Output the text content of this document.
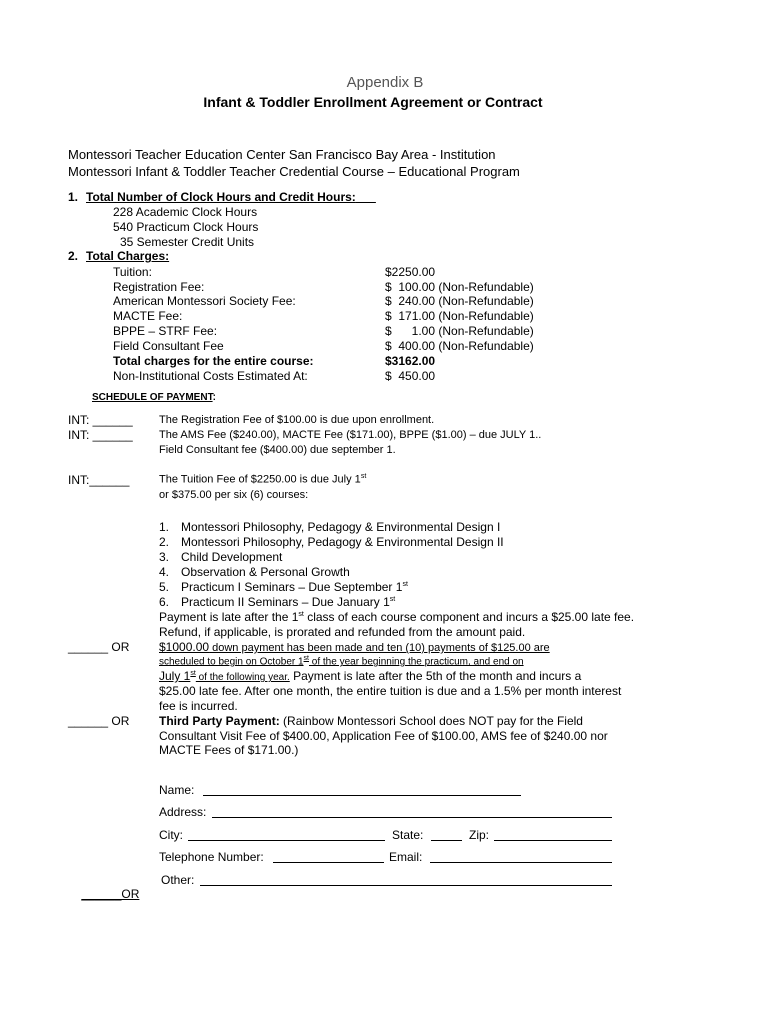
Appendix B
Infant & Toddler Enrollment Agreement or Contract
Montessori Teacher Education Center San Francisco Bay Area - Institution
Montessori Infant & Toddler Teacher Credential Course – Educational Program
1. Total Number of Clock Hours and Credit Hours:___
228 Academic Clock Hours
540 Practicum Clock Hours
35 Semester Credit Units
2. Total Charges:
Tuition:	$2250.00
Registration Fee:	$  100.00 (Non-Refundable)
American Montessori Society Fee:	$  240.00 (Non-Refundable)
MACTE Fee:	$  171.00 (Non-Refundable)
BPPE – STRF Fee:	$      1.00 (Non-Refundable)
Field Consultant Fee	$  400.00 (Non-Refundable)
Total charges for the entire course:	$3162.00
Non-Institutional Costs Estimated At:	$  450.00
SCHEDULE OF PAYMENT:
INT: ______ The Registration Fee of $100.00 is due upon enrollment.
INT: ______ The AMS Fee ($240.00), MACTE Fee ($171.00), BPPE ($1.00) – due JULY 1..
Field Consultant fee ($400.00) due september 1.
INT:______	The Tuition Fee of $2250.00 is due July 1st
or $375.00 per six (6) courses:
1. Montessori Philosophy, Pedagogy & Environmental Design I
2. Montessori Philosophy, Pedagogy & Environmental Design II
3. Child Development
4. Observation & Personal Growth
5. Practicum I Seminars – Due September 1st
6. Practicum II Seminars – Due January 1st
Payment is late after the 1st class of each course component and incurs a $25.00 late fee.
Refund, if applicable, is prorated and refunded from the amount paid.
______ OR $1000.00 down payment has been made and ten (10) payments of $125.00 are
scheduled to begin on October 1st of the year beginning the practicum, and end on
July 1st of the following year. Payment is late after the 5th of the month and incurs a
$25.00 late fee. After one month, the entire tuition is due and a 1.5% per month interest
fee is incurred.
______ OR Third Party Payment: (Rainbow Montessori School does NOT pay for the Field
Consultant Visit Fee of $400.00, Application Fee of $100.00, AMS fee of $240.00 nor
MACTE Fees of $171.00.)
Name:
Address:
City:	State:	Zip:
Telephone Number:	Email:

______OR

Other:
